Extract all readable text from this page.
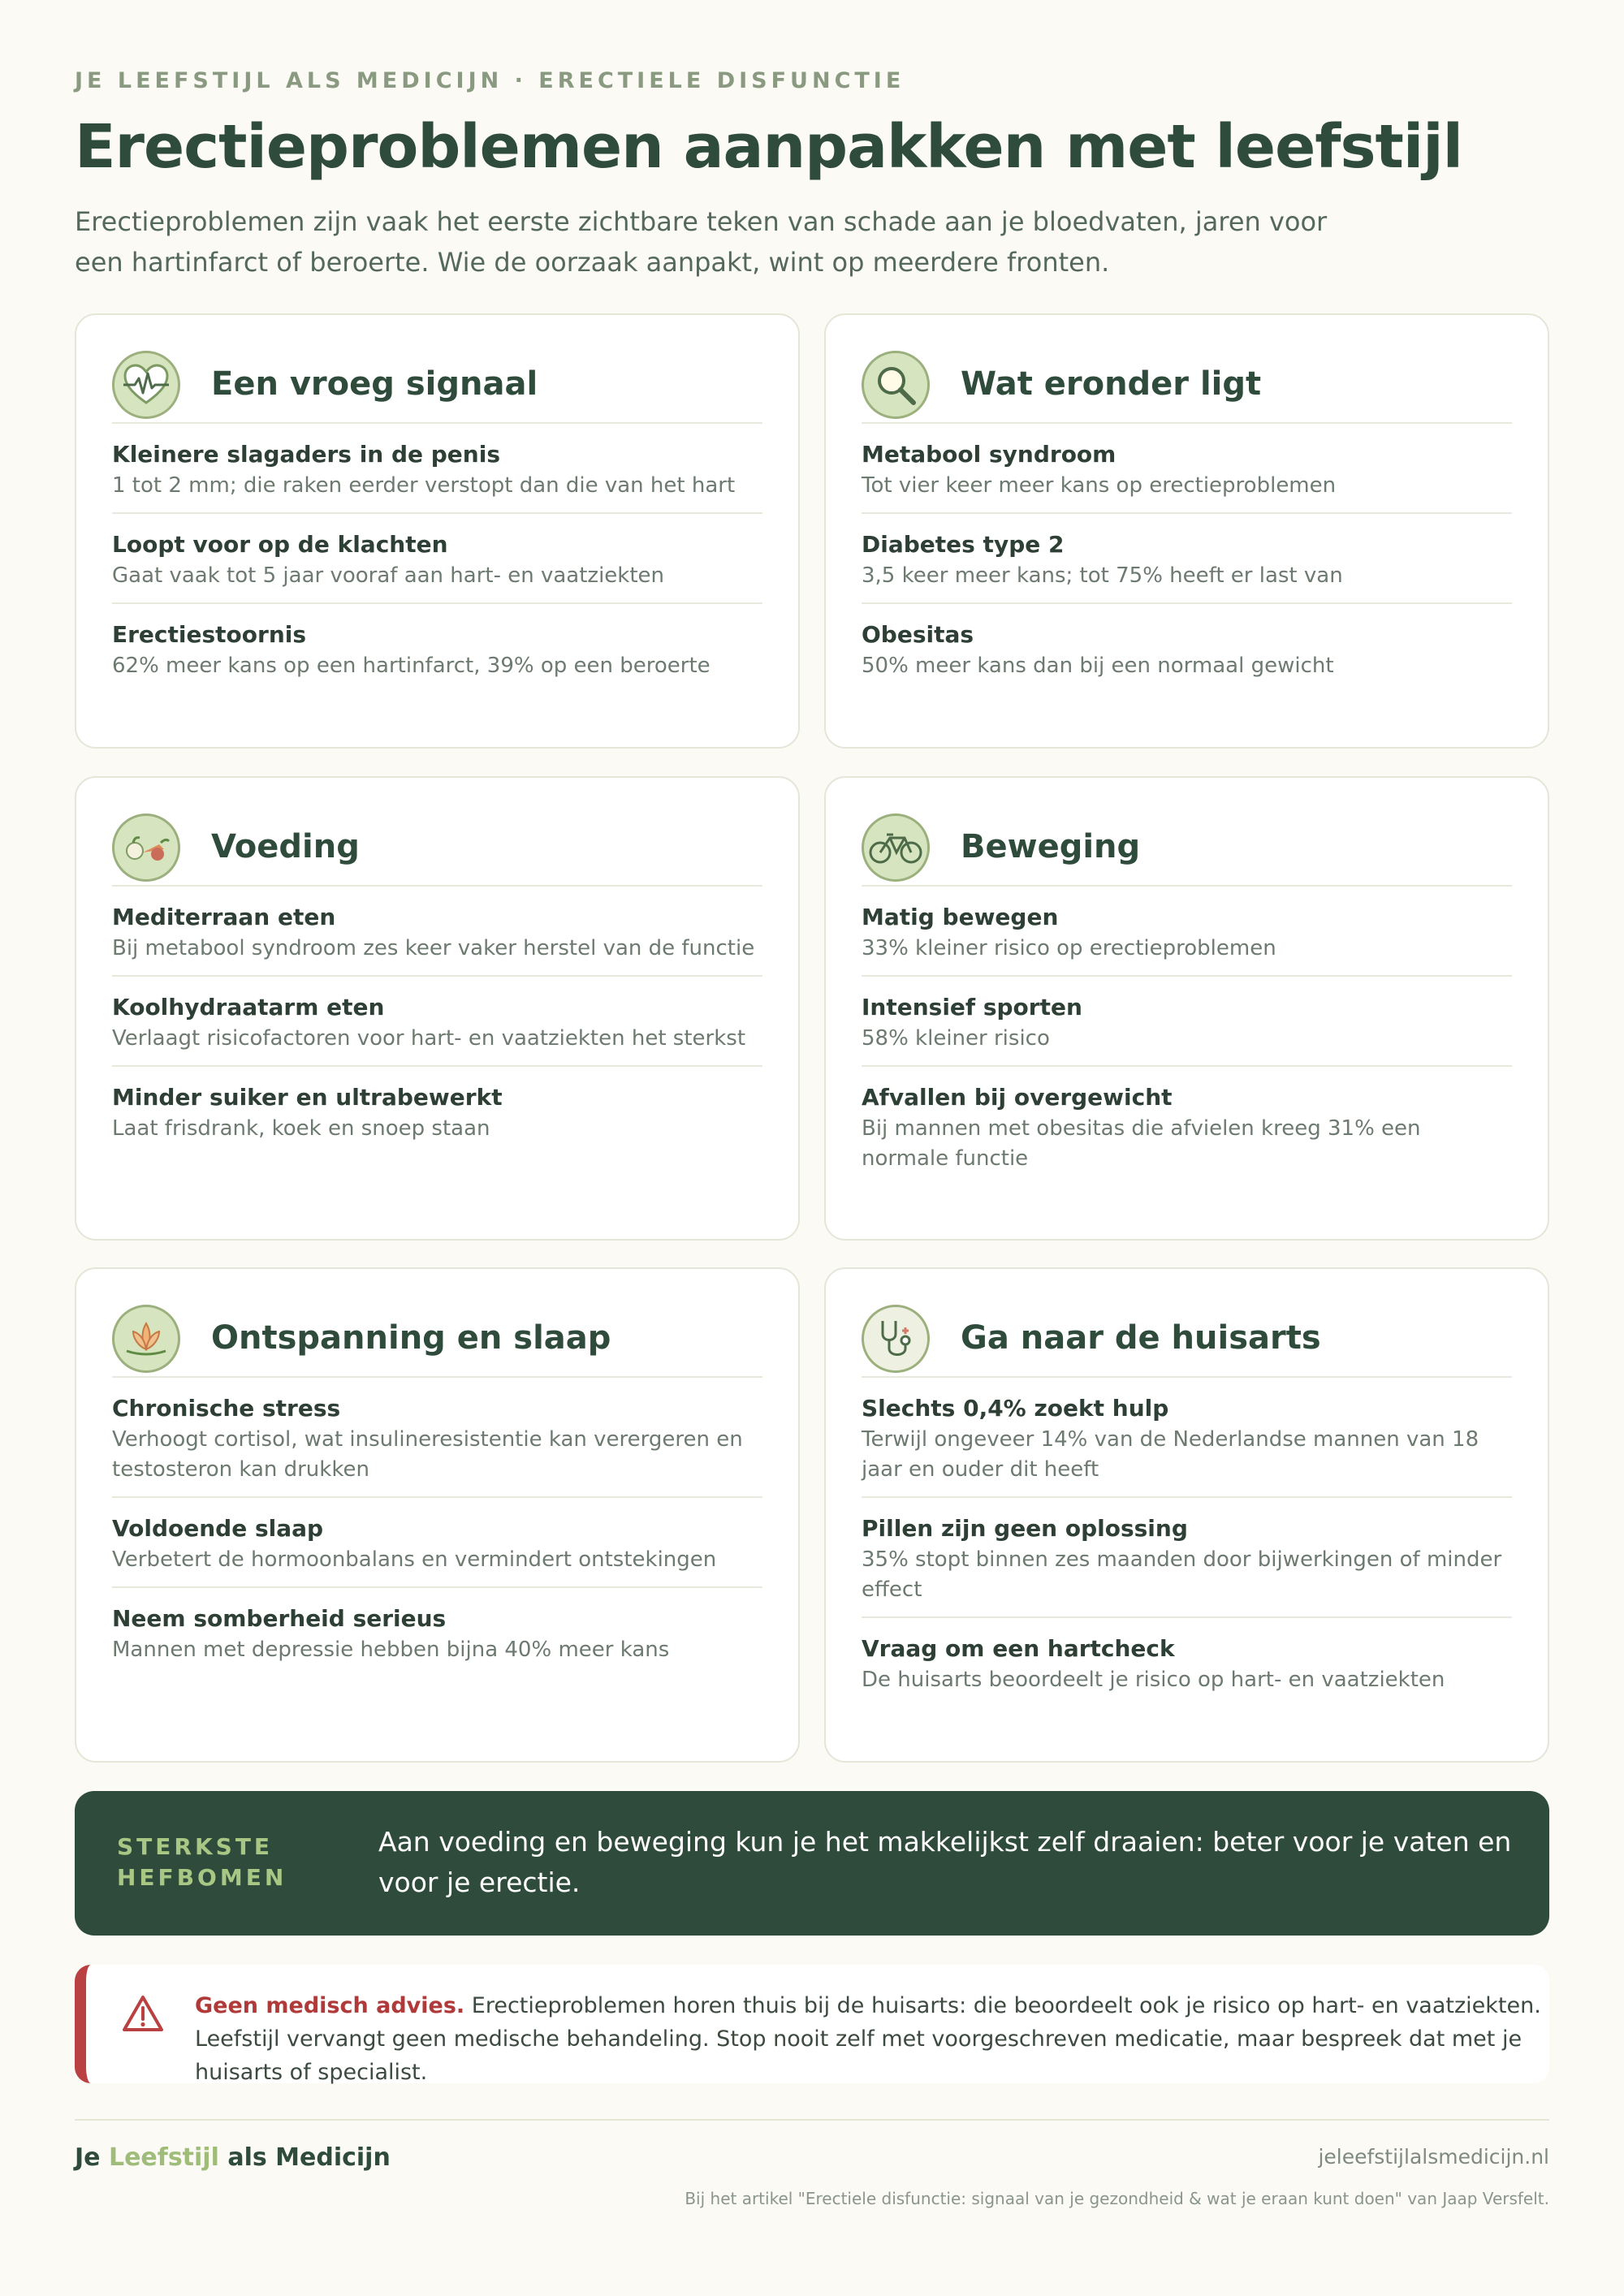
JE LEEFSTIJL ALS MEDICIJN · ERECTIELE DISFUNCTIE
Erectieproblemen aanpakken met leefstijl

Erectieproblemen zijn vaak het eerste zichtbare teken van schade aan je bloedvaten, jaren voor een hartinfarct of beroerte. Wie de oorzaak aanpakt, wint op meerdere fronten.

Een vroeg signaal
Kleinere slagaders in de penis
1 tot 2 mm; die raken eerder verstopt dan die van het hart
Loopt voor op de klachten
Gaat vaak tot 5 jaar vooraf aan hart- en vaatziekten
Erectiestoornis
62% meer kans op een hartinfarct, 39% op een beroerte
Wat eronder ligt
Metabool syndroom
Tot vier keer meer kans op erectieproblemen
Diabetes type 2
3,5 keer meer kans; tot 75% heeft er last van
Obesitas
50% meer kans dan bij een normaal gewicht
Voeding
Mediterraan eten
Bij metabool syndroom zes keer vaker herstel van de functie
Koolhydraatarm eten
Verlaagt risicofactoren voor hart- en vaatziekten het sterkst
Minder suiker en ultrabewerkt
Laat frisdrank, koek en snoep staan
Beweging
Matig bewegen
33% kleiner risico op erectieproblemen
Intensief sporten
58% kleiner risico
Afvallen bij overgewicht
Bij mannen met obesitas die afvielen kreeg 31% een normale functie
Ontspanning en slaap
Chronische stress
Verhoogt cortisol, wat insulineresistentie kan verergeren en testosteron kan drukken
Voldoende slaap
Verbetert de hormoonbalans en vermindert ontstekingen
Neem somberheid serieus
Mannen met depressie hebben bijna 40% meer kans
Ga naar de huisarts
Slechts 0,4% zoekt hulp
Terwijl ongeveer 14% van de Nederlandse mannen van 18 jaar en ouder dit heeft
Pillen zijn geen oplossing
35% stopt binnen zes maanden door bijwerkingen of minder effect
Vraag om een hartcheck
De huisarts beoordeelt je risico op hart- en vaatziekten
STERKSTE HEFBOMEN
Aan voeding en beweging kun je het makkelijkst zelf draaien: beter voor je vaten en voor je erectie.
Geen medisch advies. Erectieproblemen horen thuis bij de huisarts: die beoordeelt ook je risico op hart- en vaatziekten. Leefstijl vervangt geen medische behandeling. Stop nooit zelf met voorgeschreven medicatie, maar bespreek dat met je huisarts of specialist.
Je Leefstijl als Medicijn	jeleefstijlalsmedicijn.nl
Bij het artikel "Erectiele disfunctie: signaal van je gezondheid & wat je eraan kunt doen" van Jaap Versfelt.
